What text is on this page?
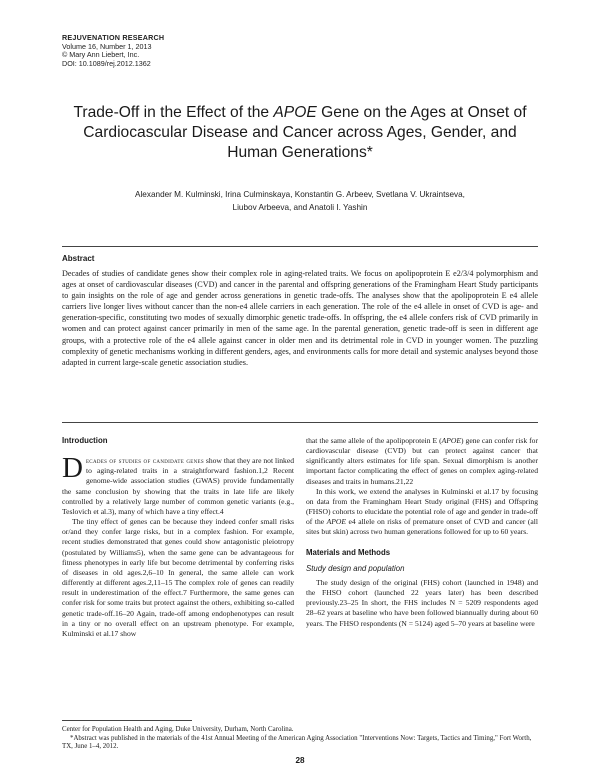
REJUVENATION RESEARCH
Volume 16, Number 1, 2013
© Mary Ann Liebert, Inc.
DOI: 10.1089/rej.2012.1362
Trade-Off in the Effect of the APOE Gene on the Ages at Onset of Cardiocascular Disease and Cancer across Ages, Gender, and Human Generations*
Alexander M. Kulminski, Irina Culminskaya, Konstantin G. Arbeev, Svetlana V. Ukraintseva,
Liubov Arbeeva, and Anatoli I. Yashin
Abstract
Decades of studies of candidate genes show their complex role in aging-related traits. We focus on apolipoprotein E e2/3/4 polymorphism and ages at onset of cardiovascular diseases (CVD) and cancer in the parental and offspring generations of the Framingham Heart Study participants to gain insights on the role of age and gender across generations in genetic trade-offs. The analyses show that the apolipoprotein E e4 allele carriers live longer lives without cancer than the non-e4 allele carriers in each generation. The role of the e4 allele in onset of CVD is age- and generation-specific, constituting two modes of sexually dimorphic genetic trade-offs. In offspring, the e4 allele confers risk of CVD primarily in women and can protect against cancer primarily in men of the same age. In the parental generation, genetic trade-off is seen in different age groups, with a protective role of the e4 allele against cancer in older men and its detrimental role in CVD in younger women. The puzzling complexity of genetic mechanisms working in different genders, ages, and environments calls for more detail and systemic analyses beyond those adapted in current large-scale genetic association studies.

Introduction

Decades of studies of candidate genes show that they are not linked to aging-related traits in a straightforward fashion.1,2 Recent genome-wide association studies (GWAS) provide fundamentally the same conclusion by showing that the traits in late life are likely controlled by a relatively large number of common genetic variants (e.g., Teslovich et al.3), many of which have a tiny effect.4

The tiny effect of genes can be because they indeed confer small risks or/and they confer large risks, but in a complex fashion. For example, recent studies demonstrated that genes could show antagonistic pleiotropy (postulated by Williams5), when the same gene can be advantageous for fitness phenotypes in early life but become detrimental by conferring risks of diseases in old ages.2,6–10 In general, the same allele can work differently at different ages.2,11–15 The complex role of genes can readily result in underestimation of the effect.7 Furthermore, the same genes can confer risk for some traits but protect against the others, exhibiting so-called genetic trade-off.16–20 Again, trade-off among endophenotypes can result in a tiny or no overall effect on an upstream phenotype. For example, Kulminski et al.17 show

that the same allele of the apolipoprotein E (APOE) gene can confer risk for cardiovascular disease (CVD) but can protect against cancer that significantly alters estimates for life span. Sexual dimorphism is another important factor complicating the effect of genes on complex aging-related diseases and traits in humans.21,22

In this work, we extend the analyses in Kulminski et al.17 by focusing on data from the Framingham Heart Study original (FHS) and Offspring (FHSO) cohorts to elucidate the potential role of age and gender in trade-off of the APOE e4 allele on risks of premature onset of CVD and cancer (all sites but skin) across two human generations followed for up to 60 years.

Materials and Methods

Study design and population

The study design of the original (FHS) cohort (launched in 1948) and the FHSO cohort (launched 22 years later) has been described previously.23–25 In short, the FHS includes N = 5209 respondents aged 28–62 years at baseline who have been followed biannually during about 60 years. The FHSO respondents (N = 5124) aged 5–70 years at baseline were

Center for Population Health and Aging, Duke University, Durham, North Carolina.

*Abstract was published in the materials of the 41st Annual Meeting of the American Aging Association "Interventions Now: Targets, Tactics and Timing," Fort Worth, TX, June 1–4, 2012.

28
